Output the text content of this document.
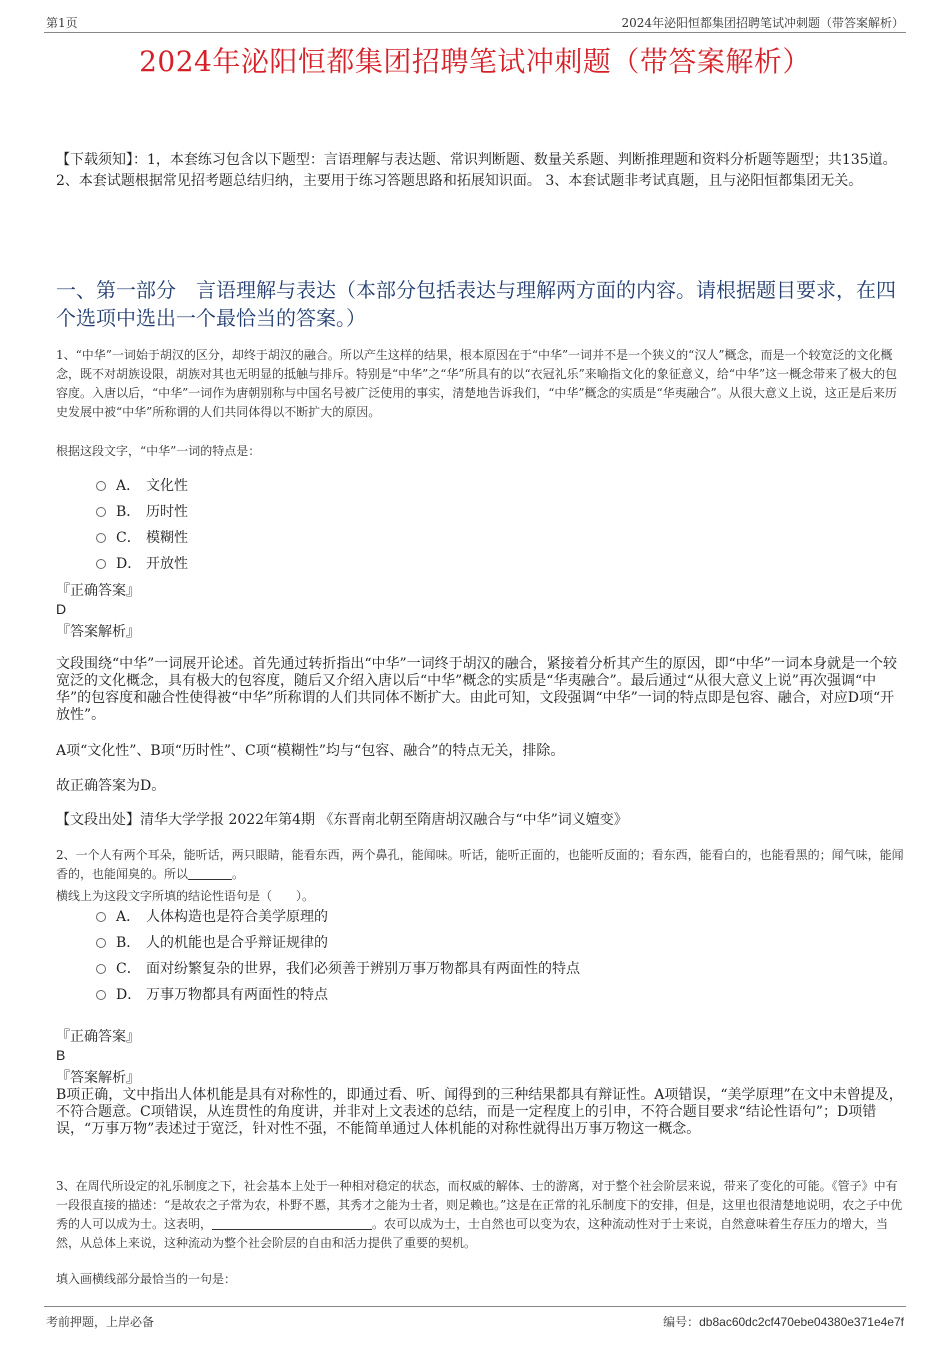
第1页	2024年泌阳恒都集团招聘笔试冲刺题（带答案解析）
2024年泌阳恒都集团招聘笔试冲刺题（带答案解析）
【下载须知】：1，本套练习包含以下题型：言语理解与表达题、常识判断题、数量关系题、判断推理题和资料分析题等题型；共135道。 2、本套试题根据常见招考题总结归纳，主要用于练习答题思路和拓展知识面。 3、本套试题非考试真题，且与泌阳恒都集团无关。
一、第一部分　言语理解与表达（本部分包括表达与理解两方面的内容。请根据题目要求，在四个选项中选出一个最恰当的答案。）
1、“中华”一词始于胡汉的区分，却终于胡汉的融合。所以产生这样的结果，根本原因在于“中华”一词并不是一个狭义的“汉人”概念，而是一个较宽泛的文化概念，既不对胡族设限，胡族对其也无明显的抵触与排斥。特别是“中华”之“华”所具有的以“衣冠礼乐”来喻指文化的象征意义，给“中华”这一概念带来了极大的包容度。入唐以后，“中华”一词作为唐朝别称与中国名号被广泛使用的事实，清楚地告诉我们，“中华”概念的实质是“华夷融合”。从很大意义上说，这正是后来历史发展中被“中华”所称谓的人们共同体得以不断扩大的原因。
根据这段文字，“中华”一词的特点是：
A． 文化性
B． 历时性
C． 模糊性
D． 开放性
『正确答案』
D
『答案解析』
文段围绕“中华”一词展开论述。首先通过转折指出“中华”一词终于胡汉的融合，紧接着分析其产生的原因，即“中华”一词本身就是一个较宽泛的文化概念，具有极大的包容度，随后又介绍入唐以后“中华”概念的实质是“华夷融合”。最后通过“从很大意义上说”再次强调“中华”的包容度和融合性使得被“中华”所称谓的人们共同体不断扩大。由此可知，文段强调“中华”一词的特点即是包容、融合，对应D项“开放性”。
A项“文化性”、B项“历时性”、C项“模糊性”均与“包容、融合”的特点无关，排除。
故正确答案为D。
【文段出处】清华大学学报 2022年第4期 《东晋南北朝至隋唐胡汉融合与“中华”词义嬗变》
2、一个人有两个耳朵，能听话，两只眼睛，能看东西，两个鼻孔，能闻味。听话，能听正面的，也能听反面的；看东西，能看白的，也能看黑的；闻气味，能闻香的，也能闻臭的。所以	。
横线上为这段文字所填的结论性语句是（　　）。
A． 人体构造也是符合美学原理的
B． 人的机能也是合乎辩证规律的
C． 面对纷繁复杂的世界，我们必须善于辨别万事万物都具有两面性的特点
D． 万事万物都具有两面性的特点
『正确答案』
B
『答案解析』
B项正确，文中指出人体机能是具有对称性的，即通过看、听、闻得到的三种结果都具有辩证性。A项错误，“美学原理”在文中未曾提及，不符合题意。C项错误，从连贯性的角度讲，并非对上文表述的总结，而是一定程度上的引申，不符合题目要求“结论性语句”；D项错误，“万事万物”表述过于宽泛，针对性不强，不能简单通过人体机能的对称性就得出万事万物这一概念。
3、在周代所设定的礼乐制度之下，社会基本上处于一种相对稳定的状态，而权威的解体、士的游离，对于整个社会阶层来说，带来了变化的可能。《管子》中有一段很直接的描述：“是故农之子常为农，朴野不慝，其秀才之能为士者，则足赖也。”这是在正常的礼乐制度下的安排，但是，这里也很清楚地说明，农之子中优秀的人可以成为士。这表明，	。农可以成为士，士自然也可以变为农，这种流动性对于士来说，自然意味着生存压力的增大，当然，从总体上来说，这种流动为整个社会阶层的自由和活力提供了重要的契机。
填入画横线部分最恰当的一句是：
考前押题，上岸必备	编号：db8ac60dc2cf470ebe04380e371e4e7f
